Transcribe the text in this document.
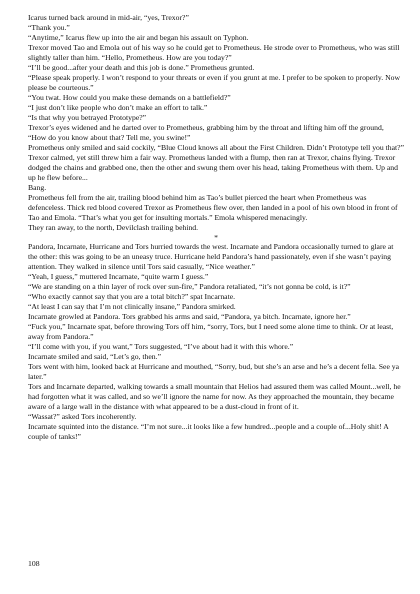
Icarus turned back around in mid-air, “yes, Trexor?”

“Thank you.”

“Anytime,” Icarus flew up into the air and began his assault on Typhon.

Trexor moved Tao and Emola out of his way so he could get to Prometheus. He strode over to Prometheus, who was still slightly taller than him. “Hello, Prometheus. How are you today?”

“I’ll be good...after your death and this job is done.” Prometheus grunted.

“Please speak properly. I won’t respond to your threats or even if you grunt at me. I prefer to be spoken to properly. Now please be courteous.”

“You twat. How could you make these demands on a battlefield?”

“I just don’t like people who don’t make an effort to talk.”

“Is that why you betrayed Prototype?”

Trexor’s eyes widened and he darted over to Prometheus, grabbing him by the throat and lifting him off the ground, “How do you know about that? Tell me, you swine!”

Prometheus only smiled and said cockily, “Blue Cloud knows all about the First Children. Didn’t Prototype tell you that?”

Trexor calmed, yet still threw him a fair way. Prometheus landed with a flump, then ran at Trexor, chains flying. Trexor dodged the chains and grabbed one, then the other and swung them over his head, taking Prometheus with them. Up and up he flew before...

Bang.

Prometheus fell from the air, trailing blood behind him as Tao’s bullet pierced the heart when Prometheus was defenceless. Thick red blood covered Trexor as Prometheus flew over, then landed in a pool of his own blood in front of Tao and Emola. “That’s what you get for insulting mortals.” Emola whispered menacingly.

They ran away, to the north, Devilclash trailing behind.

*

Pandora, Incarnate, Hurricane and Tors hurried towards the west. Incarnate and Pandora occasionally turned to glare at the other: this was going to be an uneasy truce. Hurricane held Pandora’s hand passionately, even if she wasn’t paying attention. They walked in silence until Tors said casually, “Nice weather.”

“Yeah, I guess,” muttered Incarnate, “quite warm I guess.”

“We are standing on a thin layer of rock over sun-fire,” Pandora retaliated, “it’s not gonna be cold, is it?”

“Who exactly cannot say that you are a total bitch?” spat Incarnate.

“At least I can say that I’m not clinically insane,” Pandora smirked.

Incarnate growled at Pandora. Tors grabbed his arms and said, “Pandora, ya bitch. Incarnate, ignore her.”

“Fuck you,” Incarnate spat, before throwing Tors off him, “sorry, Tors, but I need some alone time to think. Or at least, away from Pandora.”

“I’ll come with you, if you want,” Tors suggested, “I’ve about had it with this whore.”

Incarnate smiled and said, “Let’s go, then.”

Tors went with him, looked back at Hurricane and mouthed, “Sorry, bud, but she’s an arse and he’s a decent fella. See ya later.”

Tors and Incarnate departed, walking towards a small mountain that Helios had assured them was called Mount...well, he had forgotten what it was called, and so we’ll ignore the name for now. As they approached the mountain, they became aware of a large wall in the distance with what appeared to be a dust-cloud in front of it.

“Wassat?” asked Tors incoherently.

Incarnate squinted into the distance. “I’m not sure...it looks like a few hundred...people and a couple of...Holy shit! A couple of tanks!”

108
